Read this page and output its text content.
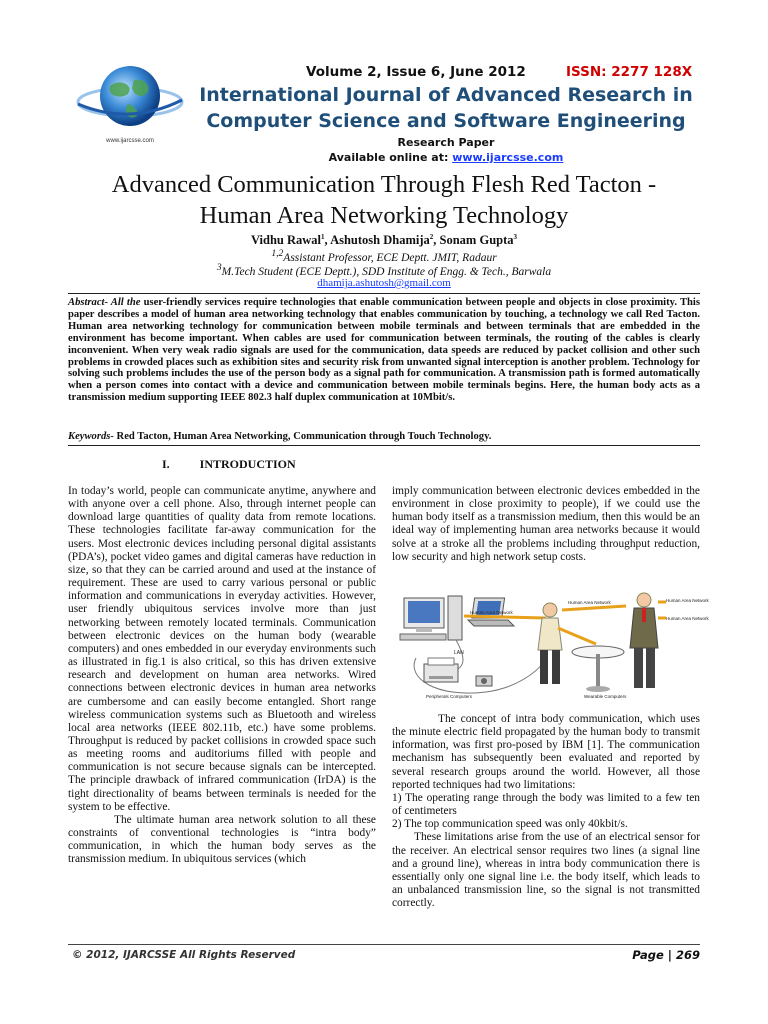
www.ijarcsse.com
Volume 2, Issue 6, June 2012	ISSN: 2277 128X
International Journal of Advanced Research in
Computer Science and Software Engineering
Research Paper
Available online at: www.ijarcsse.com
Advanced Communication Through Flesh Red Tacton -
Human Area Networking Technology
Vidhu Rawal$^1$, Ashutosh Dhamija$^2$, Sonam Gupta$^3$
$^{1,2}$Assistant Professor, ECE Deptt. JMIT, Radaur
$^3$M.Tech Student (ECE Deptt.), SDD Institute of Engg. & Tech., Barwala
dhamija.ashutosh@gmail.com
Abstract- All the user-friendly services require technologies that enable communication between people and objects in close proximity. This paper describes a model of human area networking technology that enables communication by touching, a technology we call Red Tacton. Human area networking technology for communication between mobile terminals and between terminals that are embedded in the environment has become important. When cables are used for communication between terminals, the routing of the cables is clearly inconvenient. When very weak radio signals are used for the communication, data speeds are reduced by packet collision and other such problems in crowded places such as exhibition sites and security risk from unwanted signal interception is another problem. Technology for solving such problems includes the use of the person body as a signal path for communication. A transmission path is formed automatically when a person comes into contact with a device and communication between mobile terminals begins. Here, the human body acts as a transmission medium supporting IEEE 802.3 half duplex communication at 10Mbit/s.
Keywords- Red Tacton, Human Area Networking, Communication through Touch Technology.
I.	INTRODUCTION

In today’s world, people can communicate anytime, anywhere and with anyone over a cell phone. Also, through internet people can download large quantities of quality data from remote locations. These technologies facilitate far-away communication for the users. Most electronic devices including personal digital assistants (PDA’s), pocket video games and digital cameras have reduction in size, so that they can be carried around and used at the instance of requirement. These are used to carry various personal or public information and communications in everyday activities. However, user friendly ubiquitous services involve more than just networking between remotely located terminals. Communication between electronic devices on the human body (wearable computers) and ones embedded in our everyday environments such as illustrated in fig.1 is also critical, so this has driven extensive research and development on human area networks. Wired connections between electronic devices in human area networks are cumbersome and can easily become entangled. Short range wireless communication systems such as Bluetooth and wireless local area networks (IEEE 802.11b, etc.) have some problems. Throughput is reduced by packet collisions in crowded space such as meeting rooms and auditoriums filled with people and communication is not secure because signals can be intercepted. The principle drawback of infrared communication (IrDA) is the tight directionality of beams between terminals is needed for the system to be effective.

The ultimate human area network solution to all these constraints of conventional technologies is “intra body” communication, in which the human body serves as the transmission medium. In ubiquitous services (which

imply communication between electronic devices embedded in the environment in close proximity to people), if we could use the human body itself as a transmission medium, then this would be an ideal way of implementing human area networks because it would solve at a stroke all the problems including throughput reduction, low security and high network setup costs.

LAN
Peripherals Computers
Human Area Network
Human Area Network	Human Area Network
Human Area Network
Wearable Computers

The concept of intra body communication, which uses the minute electric field propagated by the human body to transmit information, was first pro-posed by IBM [1]. The communication mechanism has subsequently been evaluated and reported by several research groups around the world. However, all those reported techniques had two limitations:

1) The operating range through the body was limited to a few ten of centimeters

2) The top communication speed was only 40kbit/s.

These limitations arise from the use of an electrical sensor for the receiver. An electrical sensor requires two lines (a signal line and a ground line), whereas in intra body communication there is essentially only one signal line i.e. the body itself, which leads to an unbalanced transmission line, so the signal is not transmitted correctly.

© 2012, IJARCSSE All Rights Reserved	Page | 269
